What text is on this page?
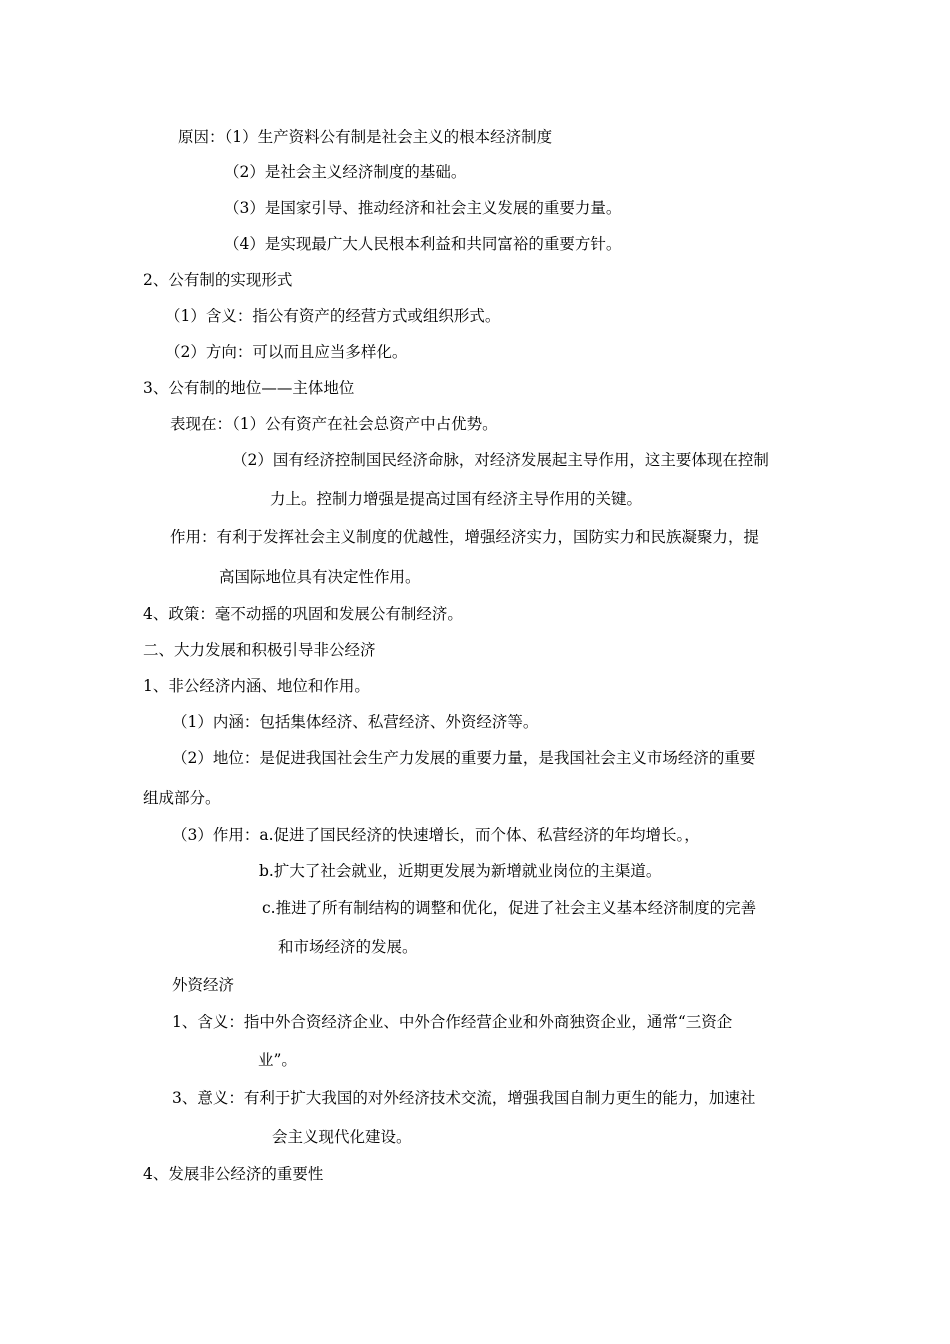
原因：（1）生产资料公有制是社会主义的根本经济制度
（2）是社会主义经济制度的基础。
（3）是国家引导、推动经济和社会主义发展的重要力量。
（4）是实现最广大人民根本利益和共同富裕的重要方针。
2、公有制的实现形式
（1）含义：指公有资产的经营方式或组织形式。
（2）方向：可以而且应当多样化。
3、公有制的地位——主体地位
表现在：（1）公有资产在社会总资产中占优势。
（2）国有经济控制国民经济命脉，对经济发展起主导作用，这主要体现在控制
力上。控制力增强是提高过国有经济主导作用的关键。
作用：有利于发挥社会主义制度的优越性，增强经济实力，国防实力和民族凝聚力，提
高国际地位具有决定性作用。
4、政策：毫不动摇的巩固和发展公有制经济。
二、大力发展和积极引导非公经济
1、非公经济内涵、地位和作用。
（1）内涵：包括集体经济、私营经济、外资经济等。
（2）地位：是促进我国社会生产力发展的重要力量，是我国社会主义市场经济的重要
组成部分。
（3）作用：a.促进了国民经济的快速增长，而个体、私营经济的年均增长。，
b.扩大了社会就业，近期更发展为新增就业岗位的主渠道。
c.推进了所有制结构的调整和优化，促进了社会主义基本经济制度的完善
和市场经济的发展。
外资经济
1、含义：指中外合资经济企业、中外合作经营企业和外商独资企业，通常“三资企
业”。
3、意义：有利于扩大我国的对外经济技术交流，增强我国自制力更生的能力，加速社
会主义现代化建设。
4、发展非公经济的重要性
